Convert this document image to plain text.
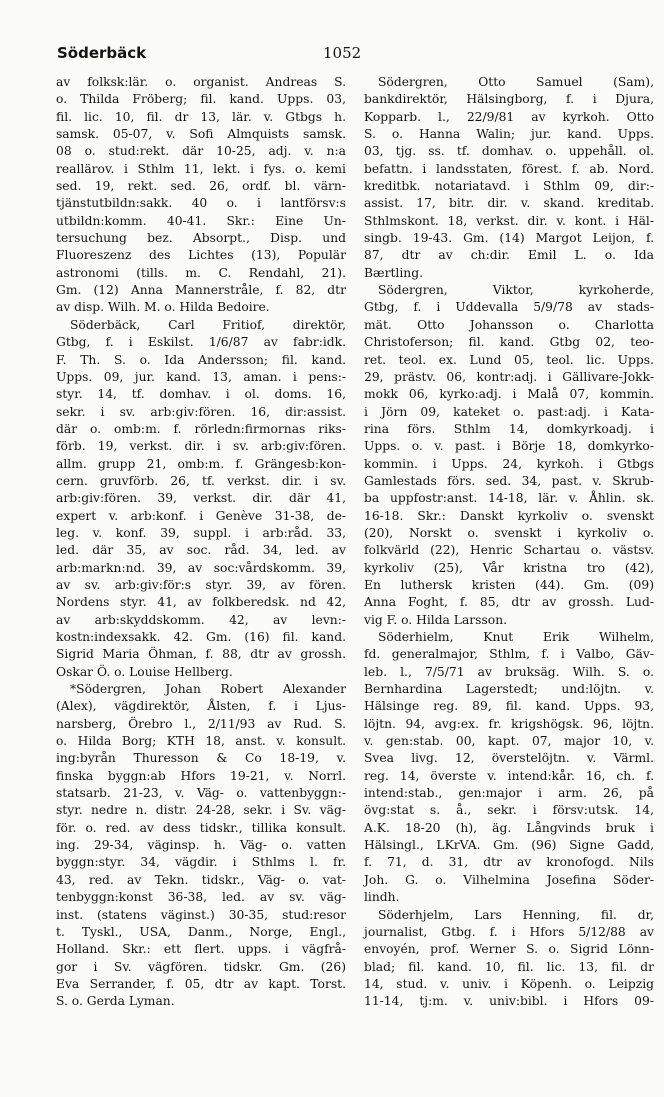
Söderbäck	1052
av folksk:lär. o. organist. Andreas S.
o. Thilda Fröberg; fil. kand. Upps. 03,
fil. lic. 10, fil. dr 13, lär. v. Gtbgs h.
samsk. 05-07, v. Sofi Almquists samsk.
08 o. stud:rekt. där 10-25, adj. v. n:a
reallärov. i Sthlm 11, lekt. i fys. o. kemi
sed. 19, rekt. sed. 26, ordf. bl. värn-
tjänstutbildn:sakk. 40 o. i lantförsv:s
utbildn:komm. 40-41. Skr.: Eine Un-
tersuchung bez. Absorpt., Disp. und
Fluoreszenz des Lichtes (13), Populär
astronomi (tills. m. C. Rendahl, 21).
Gm. (12) Anna Mannerstråle, f. 82, dtr
av disp. Wilh. M. o. Hilda Bedoire.
Söderbäck, Carl Fritiof, direktör,
Gtbg, f. i Eskilst. 1/6/87 av fabr:idk.
F. Th. S. o. Ida Andersson; fil. kand.
Upps. 09, jur. kand. 13, aman. i pens:-
styr. 14, tf. domhav. i ol. doms. 16,
sekr. i sv. arb:giv:fören. 16, dir:assist.
där o. omb:m. f. rörledn:firmornas riks-
förb. 19, verkst. dir. i sv. arb:giv:fören.
allm. grupp 21, omb:m. f. Grängesb:kon-
cern. gruvförb. 26, tf. verkst. dir. i sv.
arb:giv:fören. 39, verkst. dir. där 41,
expert v. arb:konf. i Genève 31-38, de-
leg. v. konf. 39, suppl. i arb:råd. 33,
led. där 35, av soc. råd. 34, led. av
arb:markn:nd. 39, av soc:vårdskomm. 39,
av sv. arb:giv:för:s styr. 39, av fören.
Nordens styr. 41, av folkberedsk. nd 42,
av arb:skyddskomm. 42, av levn:-
kostn:indexsakk. 42. Gm. (16) fil. kand.
Sigrid Maria Öhman, f. 88, dtr av grossh.
Oskar Ö. o. Louise Hellberg.
*Södergren, Johan Robert Alexander
(Alex), vägdirektör, Ålsten, f. i Ljus-
narsberg, Örebro l., 2/11/93 av Rud. S.
o. Hilda Borg; KTH 18, anst. v. konsult.
ing:byrån Thuresson & Co 18-19, v.
finska byggn:ab Hfors 19-21, v. Norrl.
statsarb. 21-23, v. Väg- o. vattenbyggn:-
styr. nedre n. distr. 24-28, sekr. i Sv. väg-
för. o. red. av dess tidskr., tillika konsult.
ing. 29-34, väginsp. h. Väg- o. vatten
byggn:styr. 34, vägdir. i Sthlms l. fr.
43, red. av Tekn. tidskr., Väg- o. vat-
tenbyggn:konst 36-38, led. av sv. väg-
inst. (statens väginst.) 30-35, stud:resor
t. Tyskl., USA, Danm., Norge, Engl.,
Holland. Skr.: ett flert. upps. i vägfrå-
gor i Sv. vägfören. tidskr. Gm. (26)
Eva Serrander, f. 05, dtr av kapt. Torst.
S. o. Gerda Lyman.
Södergren, Otto Samuel (Sam),
bankdirektör, Hälsingborg, f. i Djura,
Kopparb. l., 22/9/81 av kyrkoh. Otto
S. o. Hanna Walin; jur. kand. Upps.
03, tjg. ss. tf. domhav. o. uppehåll. ol.
befattn. i landsstaten, förest. f. ab. Nord.
kreditbk. notariatavd. i Sthlm 09, dir:-
assist. 17, bitr. dir. v. skand. kreditab.
Sthlmskont. 18, verkst. dir. v. kont. i Häl-
singb. 19-43. Gm. (14) Margot Leijon, f.
87, dtr av ch:dir. Emil L. o. Ida
Bærtling.
Södergren, Viktor, kyrkoherde,
Gtbg, f. i Uddevalla 5/9/78 av stads-
mät. Otto Johansson o. Charlotta
Christoferson; fil. kand. Gtbg 02, teo-
ret. teol. ex. Lund 05, teol. lic. Upps.
29, prästv. 06, kontr:adj. i Gällivare-Jokk-
mokk 06, kyrko:adj. i Malå 07, kommin.
i Jörn 09, kateket o. past:adj. i Kata-
rina förs. Sthlm 14, domkyrkoadj. i
Upps. o. v. past. i Börje 18, domkyrko-
kommin. i Upps. 24, kyrkoh. i Gtbgs
Gamlestads förs. sed. 34, past. v. Skrub-
ba uppfostr:anst. 14-18, lär. v. Åhlin. sk.
16-18. Skr.: Danskt kyrkoliv o. svenskt
(20), Norskt o. svenskt i kyrkoliv o.
folkvärld (22), Henric Schartau o. västsv.
kyrkoliv (25), Vår kristna tro (42),
En luthersk kristen (44). Gm. (09)
Anna Foght, f. 85, dtr av grossh. Lud-
vig F. o. Hilda Larsson.
Söderhielm, Knut Erik Wilhelm,
fd. generalmajor, Sthlm, f. i Valbo, Gäv-
leb. l., 7/5/71 av bruksäg. Wilh. S. o.
Bernhardina Lagerstedt; und:löjtn. v.
Hälsinge reg. 89, fil. kand. Upps. 93,
löjtn. 94, avg:ex. fr. krigshögsk. 96, löjtn.
v. gen:stab. 00, kapt. 07, major 10, v.
Svea livg. 12, överstelöjtn. v. Värml.
reg. 14, överste v. intend:kår. 16, ch. f.
intend:stab., gen:major i arm. 26, på
övg:stat s. å., sekr. i försv:utsk. 14,
A.K. 18-20 (h), äg. Långvinds bruk i
Hälsingl., LKrVA. Gm. (96) Signe Gadd,
f. 71, d. 31, dtr av kronofogd. Nils
Joh. G. o. Vilhelmina Josefina Söder-
lindh.
Söderhjelm, Lars Henning, fil. dr,
journalist, Gtbg. f. i Hfors 5/12/88 av
envoyén, prof. Werner S. o. Sigrid Lönn-
blad; fil. kand. 10, fil. lic. 13, fil. dr
14, stud. v. univ. i Köpenh. o. Leipzig
11-14, tj:m. v. univ:bibl. i Hfors 09-
